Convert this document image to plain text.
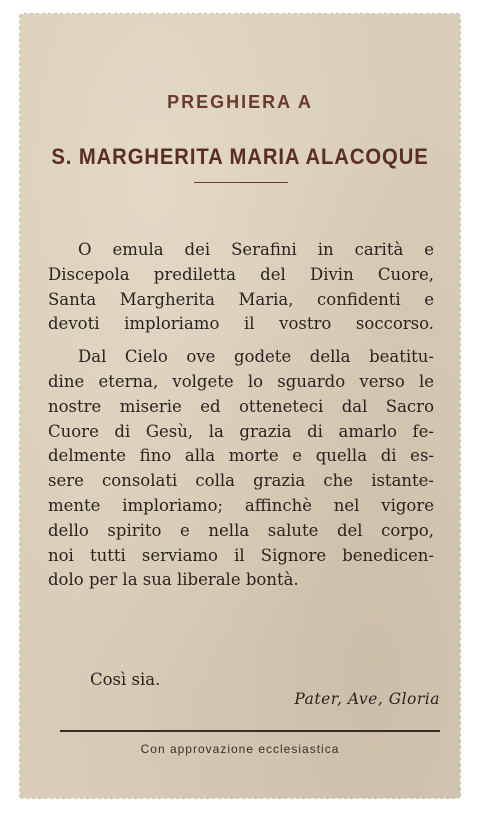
PREGHIERA A
S. MARGHERITA MARIA ALACOQUE
O emula dei Serafini in carità e
Discepola prediletta del Divin Cuore,
Santa Margherita Maria, confidenti e
devoti imploriamo il vostro soccorso.
Dal Cielo ove godete della beatitu-
dine eterna, volgete lo sguardo verso le
nostre miserie ed otteneteci dal Sacro
Cuore di Gesù, la grazia di amarlo fe-
delmente fino alla morte e quella di es-
sere consolati colla grazia che istante-
mente imploriamo; affinchè nel vigore
dello spirito e nella salute del corpo,
noi tutti serviamo il Signore benedicen-
dolo per la sua liberale bontà.
Così sia.
Pater, Ave, Gloria
Con approvazione ecclesiastica
